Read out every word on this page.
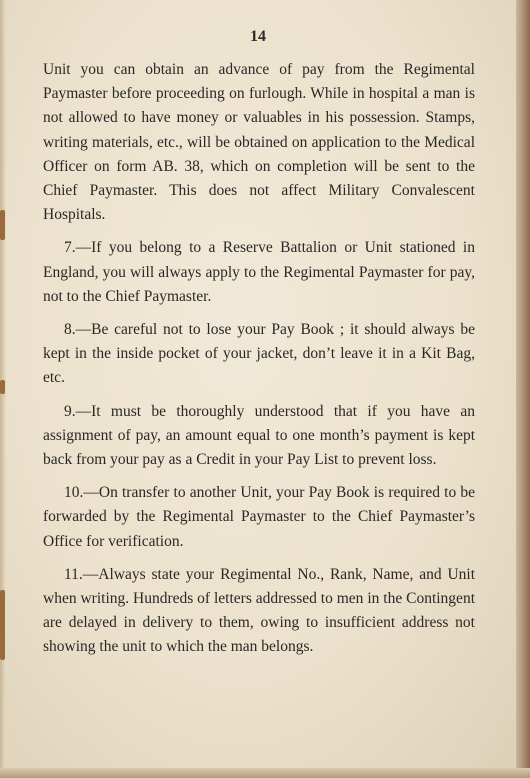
14

Unit you can obtain an advance of pay from the Regimental Paymaster before proceeding on furlough. While in hospital a man is not allowed to have money or valuables in his possession. Stamps, writing materials, etc., will be obtained on application to the Medical Officer on form AB. 38, which on completion will be sent to the Chief Paymaster. This does not affect Military Convalescent Hospitals.

7.—If you belong to a Reserve Battalion or Unit stationed in England, you will always apply to the Regimental Paymaster for pay, not to the Chief Paymaster.

8.—Be careful not to lose your Pay Book ; it should always be kept in the inside pocket of your jacket, don’t leave it in a Kit Bag, etc.

9.—It must be thoroughly understood that if you have an assignment of pay, an amount equal to one month’s payment is kept back from your pay as a Credit in your Pay List to prevent loss.

10.—On transfer to another Unit, your Pay Book is required to be forwarded by the Regimental Paymaster to the Chief Paymaster’s Office for verification.

11.—Always state your Regimental No., Rank, Name, and Unit when writing. Hundreds of letters addressed to men in the Contingent are delayed in delivery to them, owing to insufficient address not showing the unit to which the man belongs.
